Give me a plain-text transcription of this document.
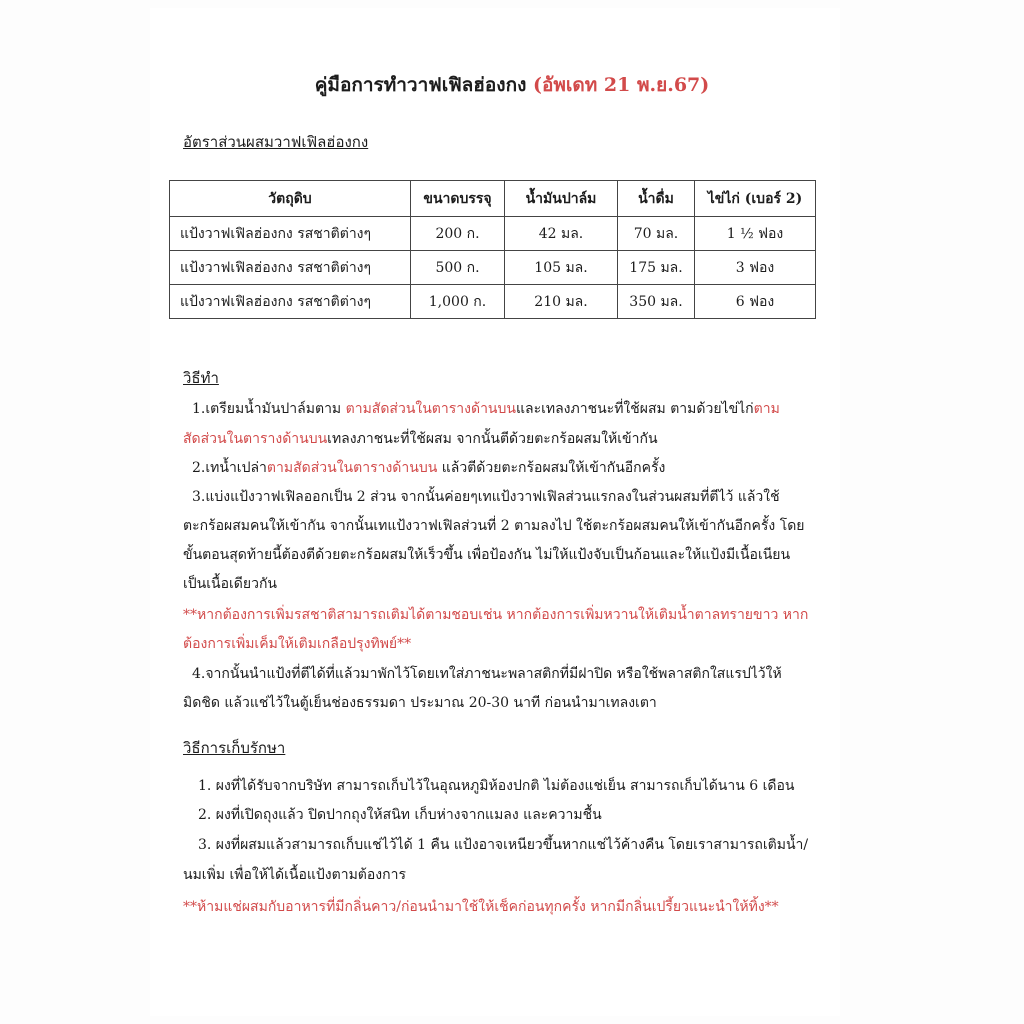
คู่มือการทำวาฟเฟิลฮ่องกง (อัพเดท 21 พ.ย.67)
อัตราส่วนผสมวาฟเฟิลฮ่องกง
วัตถุดิบ	ขนาดบรรจุ	น้ำมันปาล์ม	น้ำดื่ม	ไข่ไก่ (เบอร์ 2)
แป้งวาฟเฟิลฮ่องกง รสชาติต่างๆ	200 ก.	42 มล.	70 มล.	1 ½ ฟอง
แป้งวาฟเฟิลฮ่องกง รสชาติต่างๆ	500 ก.	105 มล.	175 มล.	3 ฟอง
แป้งวาฟเฟิลฮ่องกง รสชาติต่างๆ	1,000 ก.	210 มล.	350 มล.	6 ฟอง
วิธีทำ
1.เตรียมน้ำมันปาล์มตาม ตามสัดส่วนในตารางด้านบนและเทลงภาชนะที่ใช้ผสม ตามด้วยไข่ไก่ตาม
สัดส่วนในตารางด้านบนเทลงภาชนะที่ใช้ผสม จากนั้นตีด้วยตะกร้อผสมให้เข้ากัน
2.เทน้ำเปล่าตามสัดส่วนในตารางด้านบน แล้วตีด้วยตะกร้อผสมให้เข้ากันอีกครั้ง
3.แบ่งแป้งวาฟเฟิลออกเป็น 2 ส่วน จากนั้นค่อยๆเทแป้งวาฟเฟิลส่วนแรกลงในส่วนผสมที่ตีไว้ แล้วใช้
ตะกร้อผสมคนให้เข้ากัน จากนั้นเทแป้งวาฟเฟิลส่วนที่ 2 ตามลงไป ใช้ตะกร้อผสมคนให้เข้ากันอีกครั้ง โดย
ขั้นตอนสุดท้ายนี้ต้องตีด้วยตะกร้อผสมให้เร็วขึ้น เพื่อป้องกัน ไม่ให้แป้งจับเป็นก้อนและให้แป้งมีเนื้อเนียน
เป็นเนื้อเดียวกัน
**หากต้องการเพิ่มรสชาติสามารถเติมได้ตามชอบเช่น หากต้องการเพิ่มหวานให้เติมน้ำตาลทรายขาว หาก
ต้องการเพิ่มเค็มให้เติมเกลือปรุงทิพย์**
4.จากนั้นนำแป้งที่ตีได้ที่แล้วมาพักไว้โดยเทใส่ภาชนะพลาสติกที่มีฝาปิด หรือใช้พลาสติกใสแรปไว้ให้
มิดชิด แล้วแช่ไว้ในตู้เย็นช่องธรรมดา ประมาณ 20-30 นาที ก่อนนำมาเทลงเตา
วิธีการเก็บรักษา
1. ผงที่ได้รับจากบริษัท สามารถเก็บไว้ในอุณหภูมิห้องปกติ ไม่ต้องแช่เย็น สามารถเก็บได้นาน 6 เดือน
2. ผงที่เปิดถุงแล้ว ปิดปากถุงให้สนิท เก็บห่างจากแมลง และความชื้น
3. ผงที่ผสมแล้วสามารถเก็บแช่ไว้ได้ 1 คืน แป้งอาจเหนียวขึ้นหากแช่ไว้ค้างคืน โดยเราสามารถเติมน้ำ/
นมเพิ่ม เพื่อให้ได้เนื้อแป้งตามต้องการ
**ห้ามแช่ผสมกับอาหารที่มีกลิ่นคาว/ก่อนนำมาใช้ให้เช็คก่อนทุกครั้ง หากมีกลิ่นเปรี้ยวแนะนำให้ทิ้ง**
